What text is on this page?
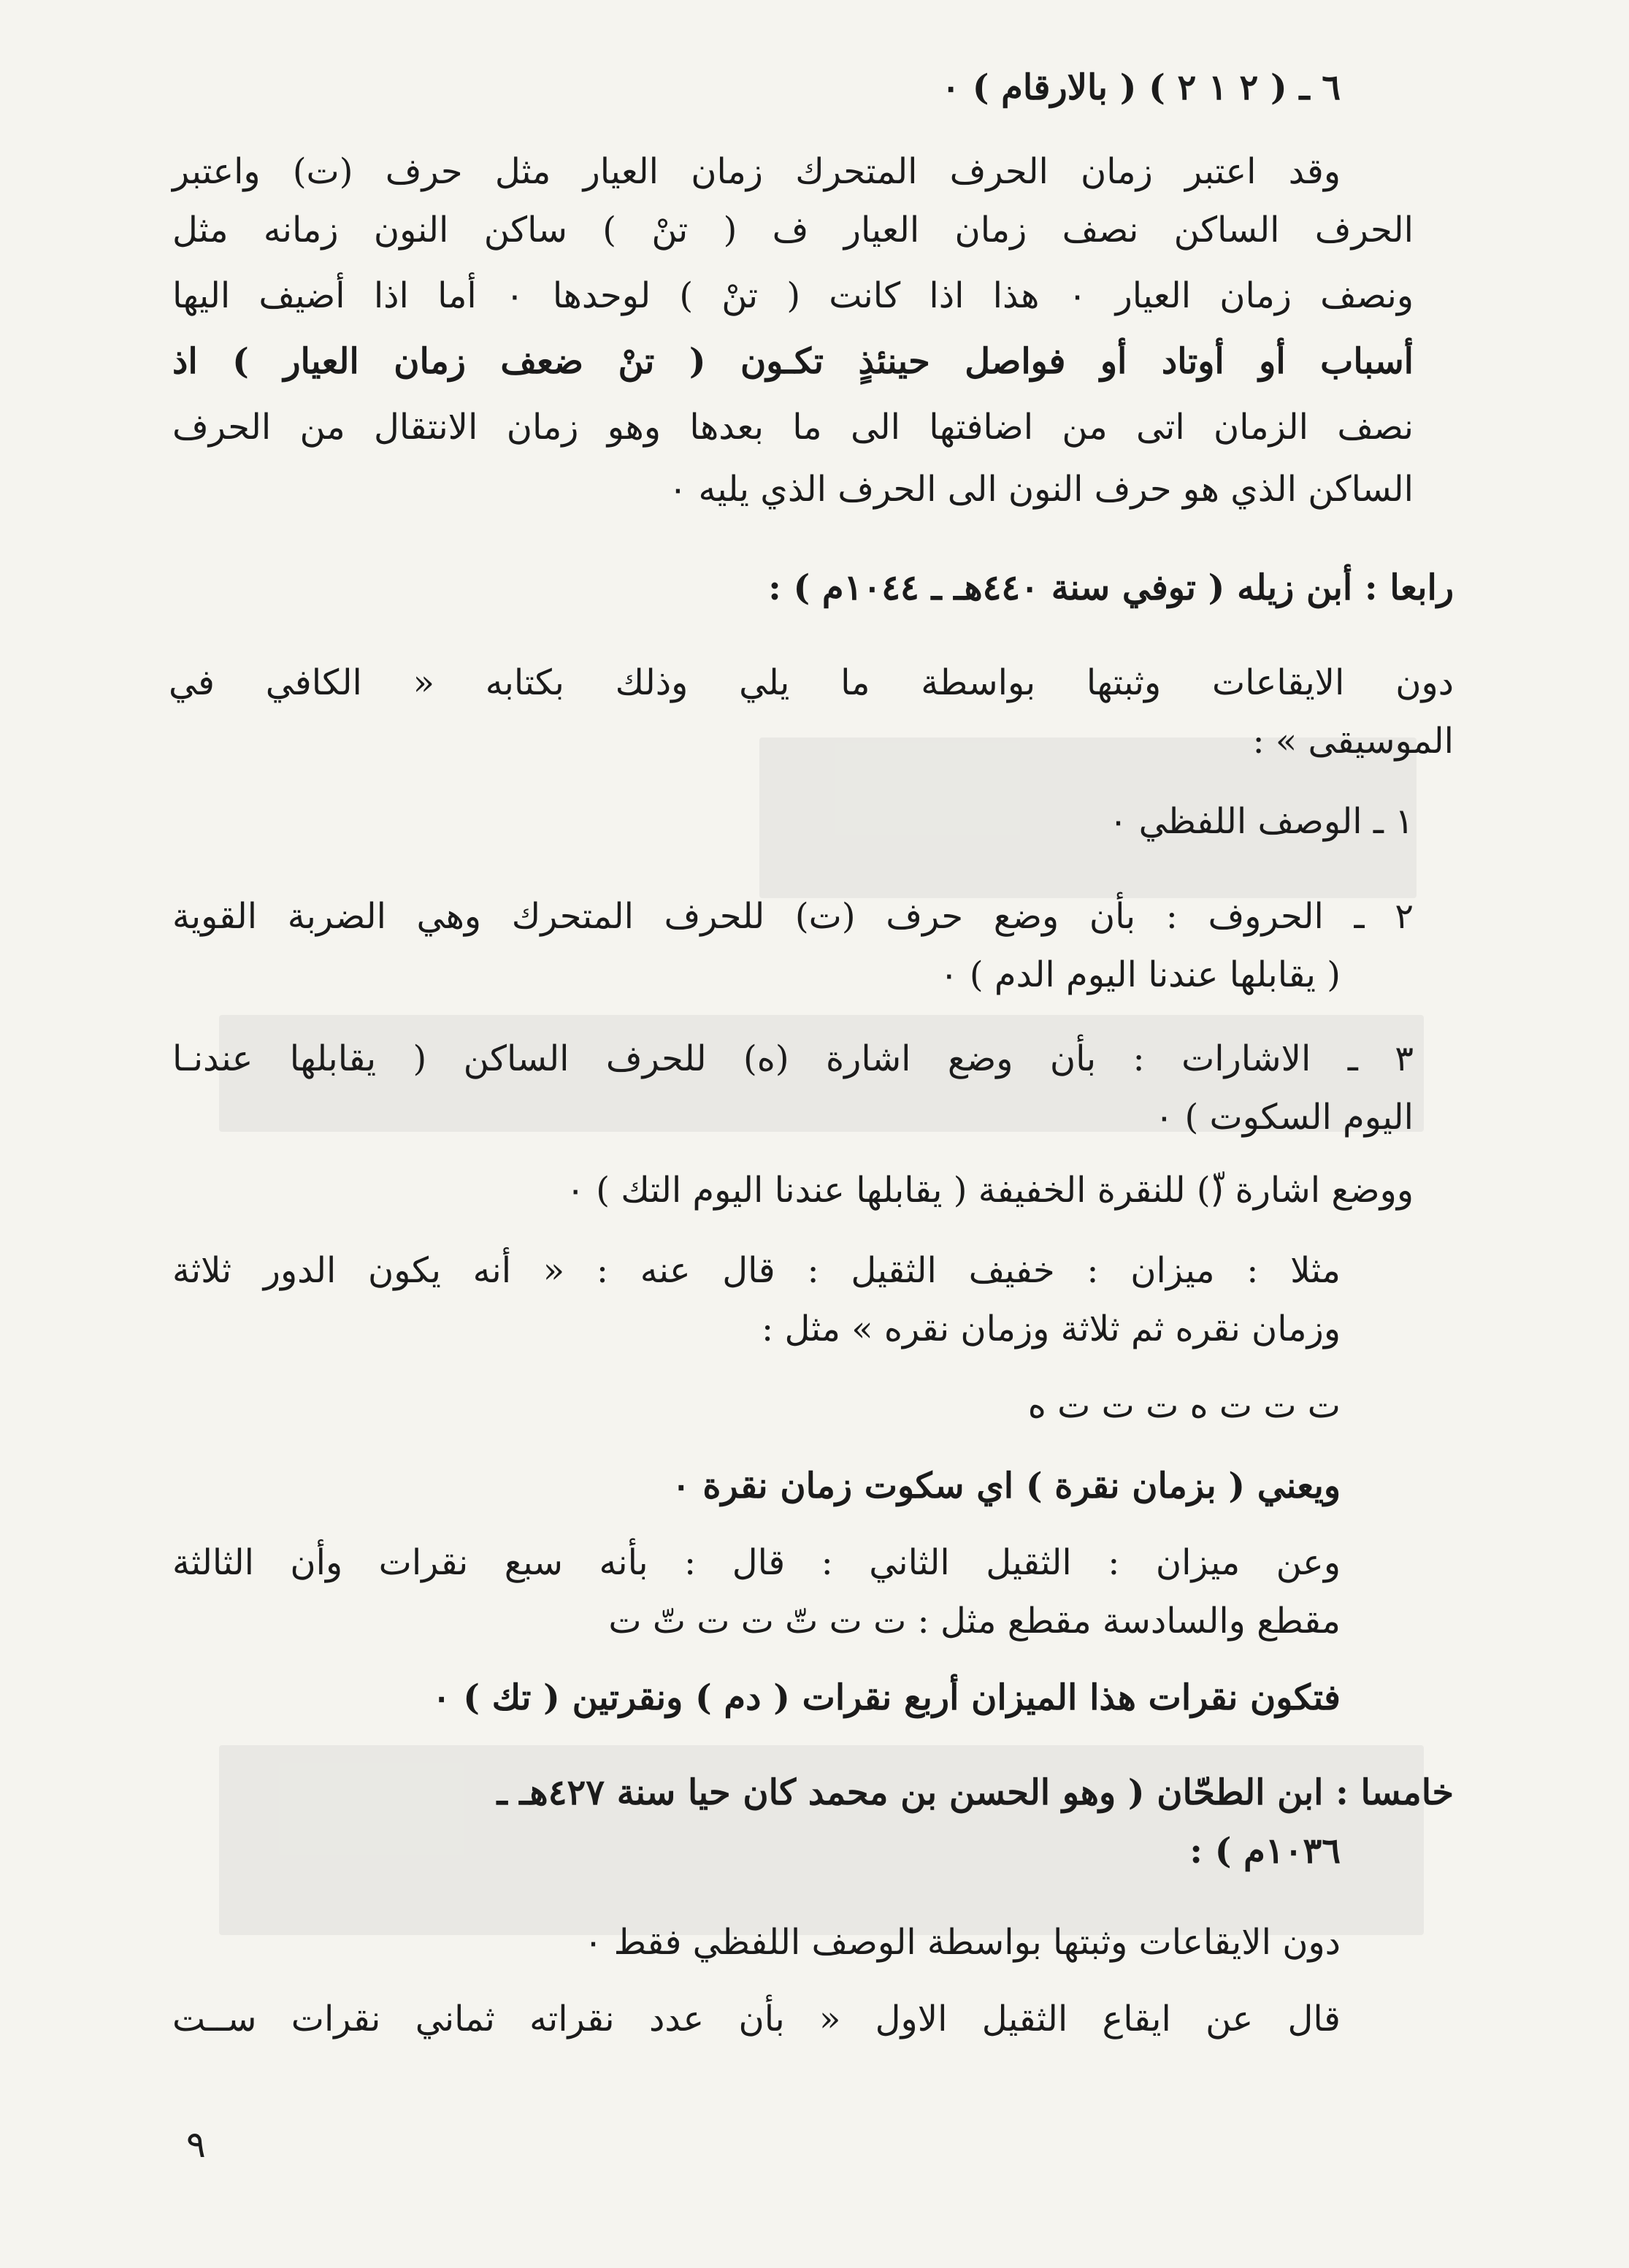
٦ ـ ( ٢ ١ ٢ ) ( بالارقام ) ٠
وقد اعتبر زمان الحرف المتحرك زمان العيار مثل حرف (ت) واعتبر
الحرف الساكن نصف زمان العيار ف ( تنْ ) ساكن النون زمانه مثل
ونصف زمان العيار ٠ هذا اذا كانت ( تنْ ) لوحدها ٠ أما اذا أضيف اليها
أسباب أو أوتاد أو فواصل حينئذٍ تكـون ( تنْ ضعف زمان العيار ) اذ
نصف الزمان اتى من اضافتها الى ما بعدها وهو زمان الانتقال من الحرف
الساكن الذي هو حرف النون الى الحرف الذي يليه ٠
رابعا : أبن زيله ( توفي سنة ٤٤٠هـ ـ ١٠٤٤م ) :
دون الايقاعات وثبتها بواسطة ما يلي وذلك بكتابه « الكافي في
الموسيقى » :
١ ـ الوصف اللفظي ٠
٢ ـ الحروف : بأن وضع حرف (ت) للحرف المتحرك وهي الضربة القوية
( يقابلها عندنا اليوم الدم ) ٠
٣ ـ الاشارات : بأن وضع اشارة (ه) للحرف الساكن ( يقابلها عندنـا
اليوم السكوت ) ٠
ووضع اشارة (ّ) للنقرة الخفيفة ( يقابلها عندنا اليوم التك ) ٠
مثلا : ميزان : خفيف الثقيل : قال عنه : « أنه يكون الدور ثلاثة
وزمان نقره ثم ثلاثة وزمان نقره » مثل :
ت ت ت ه ت ت ت ه
ويعني ( بزمان نقرة ) اي سكوت زمان نقرة ٠
وعن ميزان : الثقيل الثاني : قال : بأنه سبع نقرات وأن الثالثة
مقطع والسادسة مقطع مثل : ت ت تّ ت ت تّ ت
فتكون نقرات هذا الميزان أربع نقرات ( دم ) ونقرتين ( تك ) ٠
خامسا : ابن الطحّان ( وهو الحسن بن محمد كان حيا سنة ٤٢٧هـ ـ
١٠٣٦م ) :
دون الايقاعات وثبتها بواسطة الوصف اللفظي فقط ٠
قال عن ايقاع الثقيل الاول « بأن عدد نقراته ثماني نقرات ســت
٩
